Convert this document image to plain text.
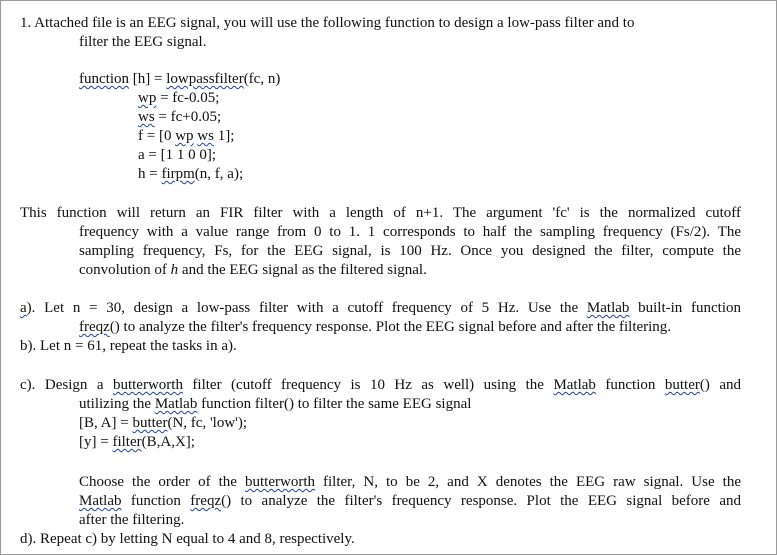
1. Attached file is an EEG signal, you will use the following function to design a low-pass filter and to
filter the EEG signal.
function [h] = lowpassfilter(fc, n)
wp = fc-0.05;
ws = fc+0.05;
f = [0 wp ws 1];
a = [1 1 0 0];
h = firpm(n, f, a);
This function will return an FIR filter with a length of n+1. The argument 'fc' is the normalized cutoff
frequency with a value range from 0 to 1. 1 corresponds to half the sampling frequency (Fs/2). The
sampling frequency, Fs, for the EEG signal, is 100 Hz. Once you designed the filter, compute the
convolution of h and the EEG signal as the filtered signal.
a). Let n = 30, design a low-pass filter with a cutoff frequency of 5 Hz. Use the Matlab built-in function
freqz() to analyze the filter's frequency response. Plot the EEG signal before and after the filtering.
b). Let n = 61, repeat the tasks in a).
c). Design a butterworth filter (cutoff frequency is 10 Hz as well) using the Matlab function butter() and
utilizing the Matlab function filter() to filter the same EEG signal
[B, A] = butter(N, fc, 'low');
[y] = filter(B,A,X];
Choose the order of the butterworth filter, N, to be 2, and X denotes the EEG raw signal. Use the
Matlab function freqz() to analyze the filter's frequency response. Plot the EEG signal before and
after the filtering.
d). Repeat c) by letting N equal to 4 and 8, respectively.
